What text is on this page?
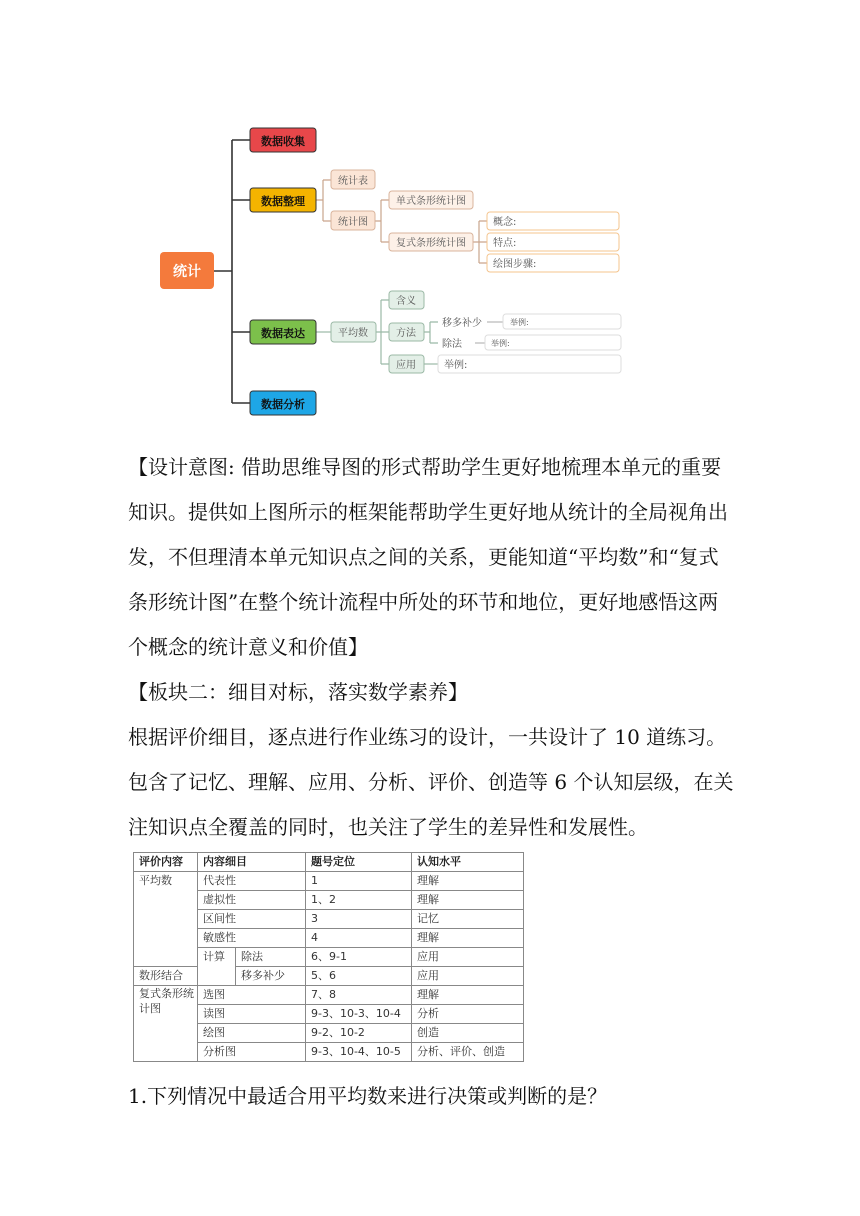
统计
数据收集
数据整理
数据表达
数据分析
统计表
统计图
单式条形统计图
复式条形统计图
概念:
特点:
绘图步骤:
平均数
含义
方法
应用
移多补少
除法
举例:
举例:
举例:

【设计意图: 借助思维导图的形式帮助学生更好地梳理本单元的重要知识。提供如上图所示的框架能帮助学生更好地从统计的全局视角出发，不但理清本单元知识点之间的关系，更能知道“平均数”和“复式条形统计图”在整个统计流程中所处的环节和地位，更好地感悟这两个概念的统计意义和价值】

【板块二：细目对标，落实数学素养】

根据评价细目，逐点进行作业练习的设计，一共设计了 10 道练习。包含了记忆、理解、应用、分析、评价、创造等 6 个认知层级，在关注知识点全覆盖的同时，也关注了学生的差异性和发展性。

评价内容	内容细目		题号定位	认知水平
平均数	代表性		1	理解
	虚拟性		1、2	理解
	区间性		3	记忆
	敏感性		4	理解
	计算	除法	6、9-1	应用
数形结合		移多补少	5、6	应用
复式条形统计图	选图		7、8	理解
	读图		9-3、10-3、10-4	分析
	绘图		9-2、10-2	创造
	分析图		9-3、10-4、10-5	分析、评价、创造
1.下列情况中最适合用平均数来进行决策或判断的是？
